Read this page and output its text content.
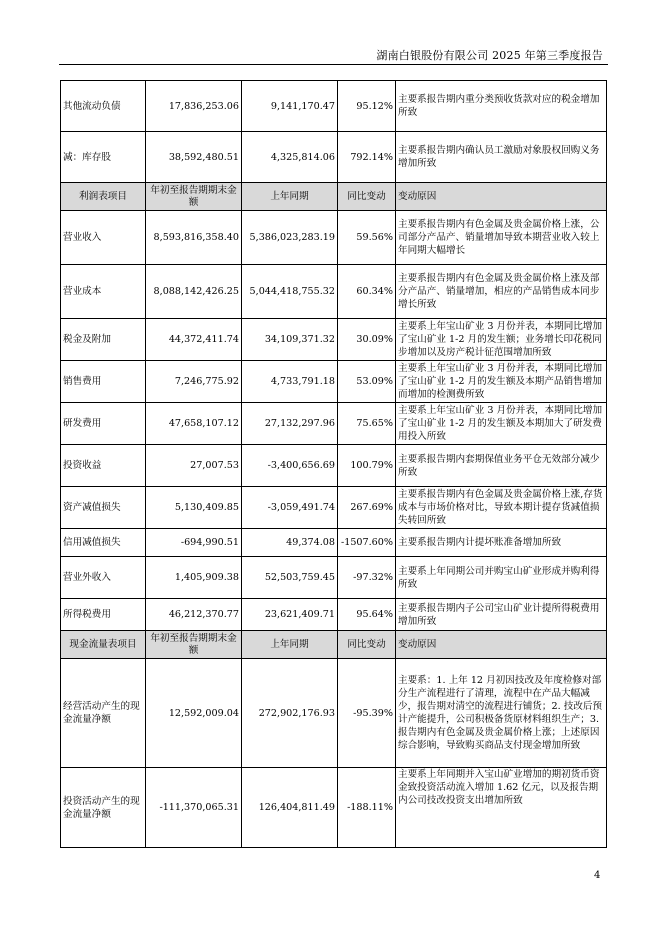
湖南白银股份有限公司 2025 年第三季度报告
其他流动负债	17,836,253.06	9,141,170.47	95.12%	主要系报告期内重分类预收货款对应的税金增加所致
减：库存股	38,592,480.51	4,325,814.06	792.14%	主要系报告期内确认员工激励对象股权回购义务增加所致
利润表项目	年初至报告期期末金额	上年同期	同比变动	变动原因
营业收入	8,593,816,358.40	5,386,023,283.19	59.56%	主要系报告期内有色金属及贵金属价格上涨，公司部分产品产、销量增加导致本期营业收入较上年同期大幅增长
营业成本	8,088,142,426.25	5,044,418,755.32	60.34%	主要系报告期内有色金属及贵金属价格上涨及部分产品产、销量增加，相应的产品销售成本同步增长所致
税金及附加	44,372,411.74	34,109,371.32	30.09%	主要系上年宝山矿业 3 月份并表，本期同比增加了宝山矿业 1-2 月的发生额；业务增长印花税同步增加以及房产税计征范围增加所致
销售费用	7,246,775.92	4,733,791.18	53.09%	主要系上年宝山矿业 3 月份并表，本期同比增加了宝山矿业 1-2 月的发生额及本期产品销售增加而增加的检测费所致
研发费用	47,658,107.12	27,132,297.96	75.65%	主要系上年宝山矿业 3 月份并表，本期同比增加了宝山矿业 1-2 月的发生额及本期加大了研发费用投入所致
投资收益	27,007.53	-3,400,656.69	100.79%	主要系报告期内套期保值业务平仓无效部分减少所致
资产减值损失	5,130,409.85	-3,059,491.74	267.69%	主要系报告期内有色金属及贵金属价格上涨,存货成本与市场价格对比，导致本期计提存货减值损失转回所致
信用减值损失	-694,990.51	49,374.08	-1507.60%	主要系报告期内计提坏账准备增加所致
营业外收入	1,405,909.38	52,503,759.45	-97.32%	主要系上年同期公司并购宝山矿业形成并购利得所致
所得税费用	46,212,370.77	23,621,409.71	95.64%	主要系报告期内子公司宝山矿业计提所得税费用增加所致
现金流量表项目	年初至报告期期末金额	上年同期	同比变动	变动原因
经营活动产生的现金流量净额	12,592,009.04	272,902,176.93	-95.39%	主要系：1. 上年 12 月初因技改及年度检修对部分生产流程进行了清理，流程中在产品大幅减少，报告期对清空的流程进行铺货；2. 技改后预计产能提升，公司积极备货原材料组织生产；3. 报告期内有色金属及贵金属价格上涨；上述原因综合影响，导致购买商品支付现金增加所致
投资活动产生的现金流量净额	-111,370,065.31	126,404,811.49	-188.11%	主要系上年同期并入宝山矿业增加的期初货币资金致投资活动流入增加 1.62 亿元，以及报告期内公司技改投资支出增加所致
4
